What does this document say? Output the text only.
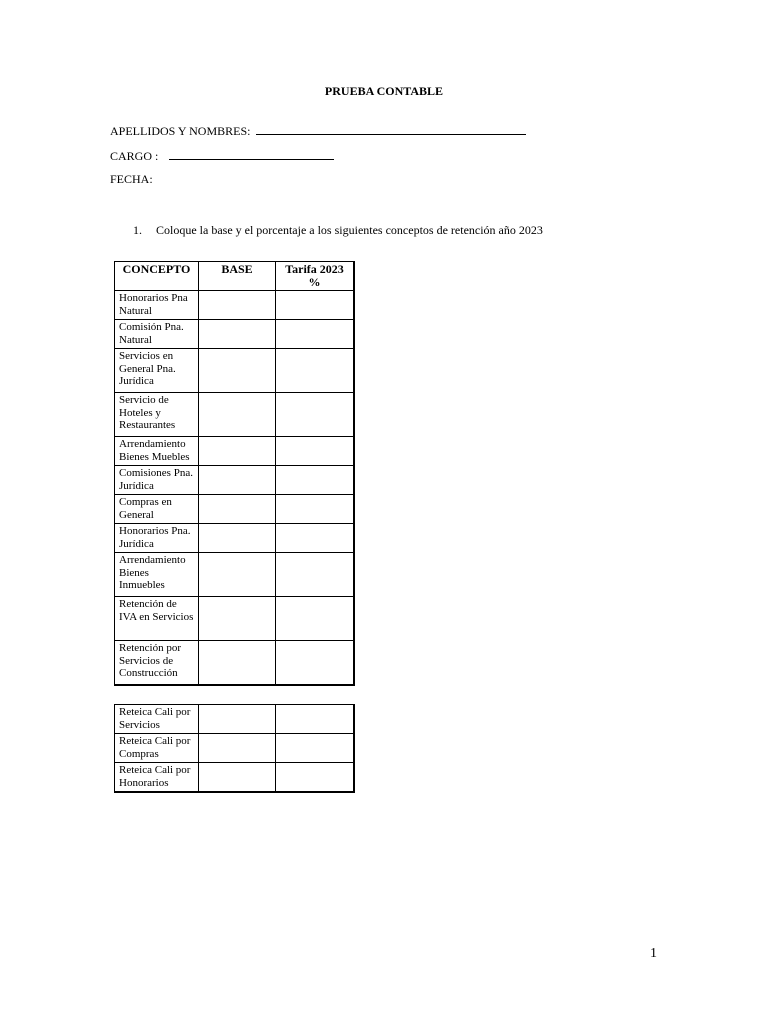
PRUEBA CONTABLE
APELLIDOS Y NOMBRES:
CARGO :
FECHA:
1. Coloque la base y el porcentaje a los siguientes conceptos de retención año 2023
CONCEPTO	BASE	Tarifa 2023 %
Honorarios Pna Natural		
Comisión Pna. Natural		
Servicios en General Pna. Jurídica		
Servicio de Hoteles y Restaurantes		
Arrendamiento Bienes Muebles		
Comisiones Pna. Jurídica		
Compras en General		
Honorarios Pna. Jurídica		
Arrendamiento Bienes Inmuebles		
Retención de IVA en Servicios		
Retención por Servicios de Construcción		
Reteica Cali por Servicios		
Reteica Cali por Compras		
Reteica Cali por Honorarios		
1
